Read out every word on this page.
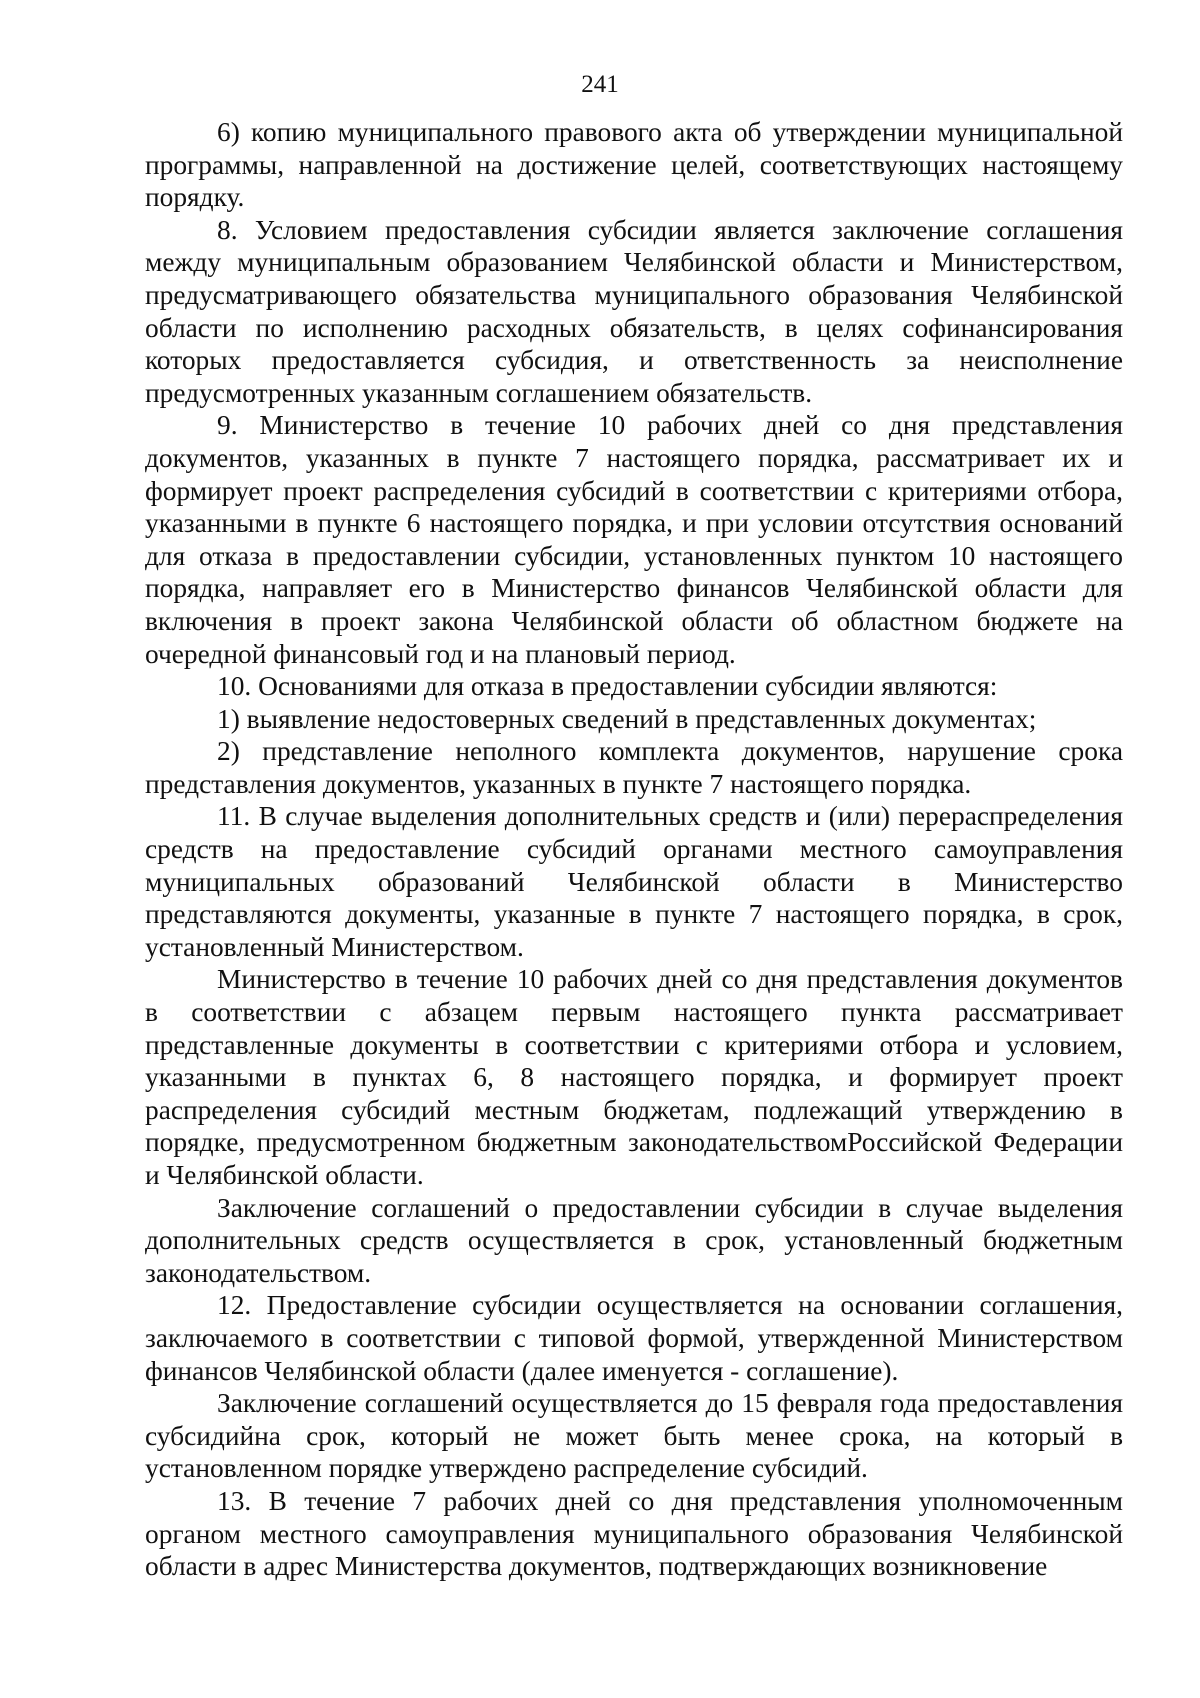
241

6) копию муниципального правового акта об утверждении муниципальной программы, направленной на достижение целей, соответствующих настоящему порядку.

8. Условием предоставления субсидии является заключение соглашения между муниципальным образованием Челябинской области и Министерством, предусматривающего обязательства муниципального образования Челябинской области по исполнению расходных обязательств, в целях софинансирования которых предоставляется субсидия, и ответственность за неисполнение предусмотренных указанным соглашением обязательств.

9. Министерство в течение 10 рабочих дней со дня представления документов, указанных в пункте 7 настоящего порядка, рассматривает их и формирует проект распределения субсидий в соответствии с критериями отбора, указанными в пункте 6 настоящего порядка, и при условии отсутствия оснований для отказа в предоставлении субсидии, установленных пунктом 10 настоящего порядка, направляет его в Министерство финансов Челябинской области для включения в проект закона Челябинской области об областном бюджете на очередной финансовый год и на плановый период.

10. Основаниями для отказа в предоставлении субсидии являются:

1) выявление недостоверных сведений в представленных документах;

2) представление неполного комплекта документов, нарушение срока представления документов, указанных в пункте 7 настоящего порядка.

11. В случае выделения дополнительных средств и (или) перераспределения средств на предоставление субсидий органами местного самоуправления муниципальных образований Челябинской области в Министерство представляются документы, указанные в пункте 7 настоящего порядка, в срок, установленный Министерством.

Министерство в течение 10 рабочих дней со дня представления документов в соответствии с абзацем первым настоящего пункта рассматривает представленные документы в соответствии с критериями отбора и условием, указанными в пунктах 6, 8 настоящего порядка, и формирует проект распределения субсидий местным бюджетам, подлежащий утверждению в порядке, предусмотренном бюджетным законодательствомРоссийской Федерации и Челябинской области.

Заключение соглашений о предоставлении субсидии в случае выделения дополнительных средств осуществляется в срок, установленный бюджетным законодательством.

12. Предоставление субсидии осуществляется на основании соглашения, заключаемого в соответствии с типовой формой, утвержденной Министерством финансов Челябинской области (далее именуется - соглашение).

Заключение соглашений осуществляется до 15 февраля года предоставления субсидийна срок, который не может быть менее срока, на который в установленном порядке утверждено распределение субсидий.

13. В течение 7 рабочих дней со дня представления уполномоченным органом местного самоуправления муниципального образования Челябинской области в адрес Министерства документов, подтверждающих возникновение
